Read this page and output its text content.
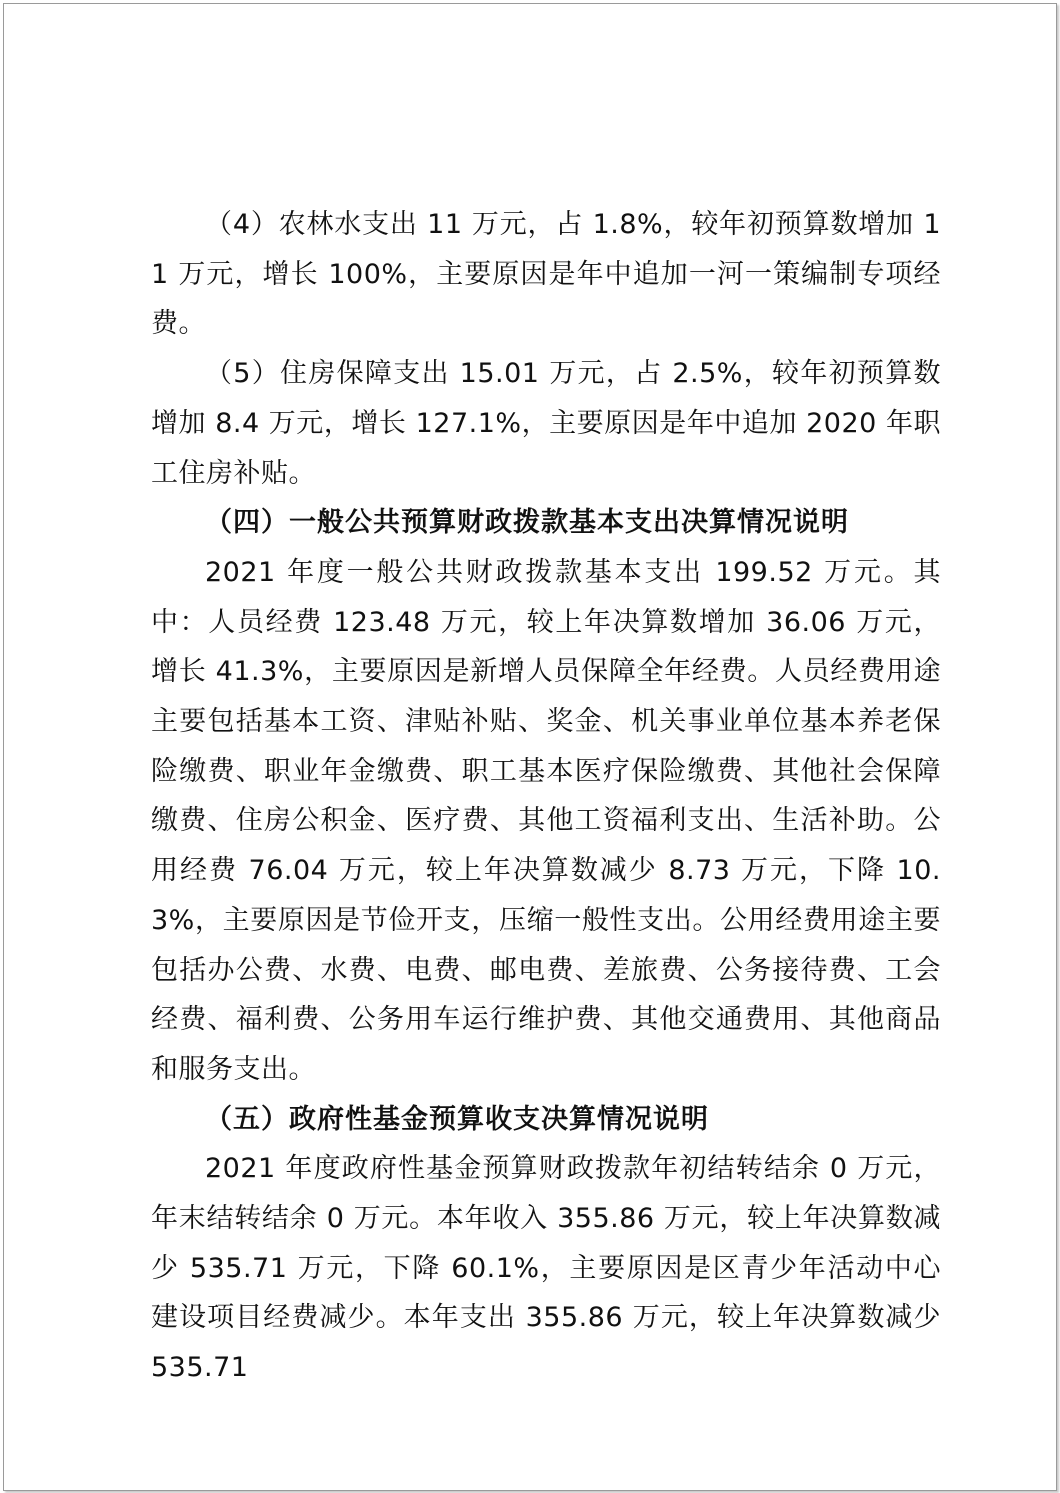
（4）农林水支出 11 万元，占 1.8%，较年初预算数增加 11 万元，增长 100%，主要原因是年中追加一河一策编制专项经费。

（5）住房保障支出 15.01 万元，占 2.5%，较年初预算数增加 8.4 万元，增长 127.1%，主要原因是年中追加 2020 年职工住房补贴。

（四）一般公共预算财政拨款基本支出决算情况说明

2021 年度一般公共财政拨款基本支出 199.52 万元。其中：人员经费 123.48 万元，较上年决算数增加 36.06 万元，增长 41.3%，主要原因是新增人员保障全年经费。人员经费用途主要包括基本工资、津贴补贴、奖金、机关事业单位基本养老保险缴费、职业年金缴费、职工基本医疗保险缴费、其他社会保障缴费、住房公积金、医疗费、其他工资福利支出、生活补助。公用经费 76.04 万元，较上年决算数减少 8.73 万元，下降 10.3%，主要原因是节俭开支，压缩一般性支出。公用经费用途主要包括办公费、水费、电费、邮电费、差旅费、公务接待费、工会经费、福利费、公务用车运行维护费、其他交通费用、其他商品和服务支出。

（五）政府性基金预算收支决算情况说明

2021 年度政府性基金预算财政拨款年初结转结余 0 万元，年末结转结余 0 万元。本年收入 355.86 万元，较上年决算数减少 535.71 万元，下降 60.1%，主要原因是区青少年活动中心建设项目经费减少。本年支出 355.86 万元，较上年决算数减少 535.71
